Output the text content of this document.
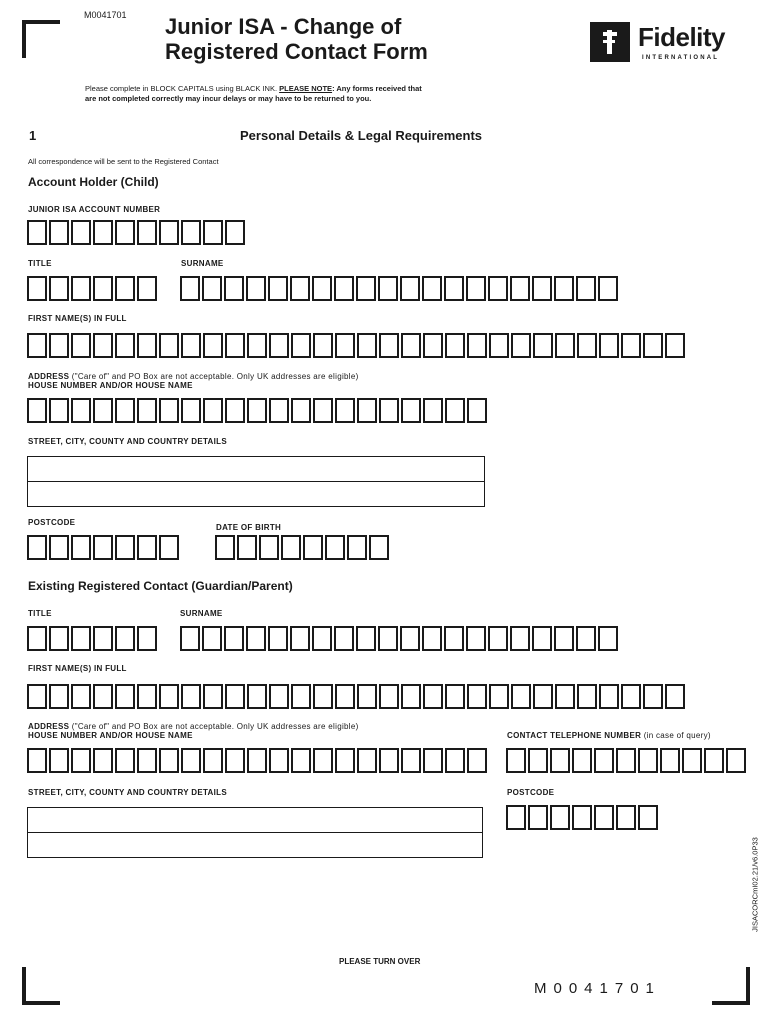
M0041701 Junior ISA - Change of
Registered Contact Form	Fidelity
INTERNATIONAL
Please complete in BLOCK CAPITALS using BLACK INK. PLEASE NOTE: Any forms received that
are not completed correctly may incur delays or may have to be returned to you.
1	Personal Details & Legal Requirements
All correspondence will be sent to the Registered Contact
Account Holder (Child)
JUNIOR ISA ACCOUNT NUMBER
TITLE	SURNAME
FIRST NAME(S) IN FULL
ADDRESS ("Care of" and PO Box are not acceptable. Only UK addresses are eligible)
HOUSE NUMBER AND/OR HOUSE NAME
STREET, CITY, COUNTY AND COUNTRY DETAILS
POSTCODE
DATE OF BIRTH
Existing Registered Contact (Guardian/Parent)
TITLE	SURNAME
FIRST NAME(S) IN FULL
ADDRESS ("Care of" and PO Box are not acceptable. Only UK addresses are eligible)
HOUSE NUMBER AND/OR HOUSE NAME	CONTACT TELEPHONE NUMBER (in case of query)
STREET, CITY, COUNTY AND COUNTRY DETAILS	POSTCODE
JISACORCmI02.21/v6.0P33
PLEASE TURN OVER
M0041701
